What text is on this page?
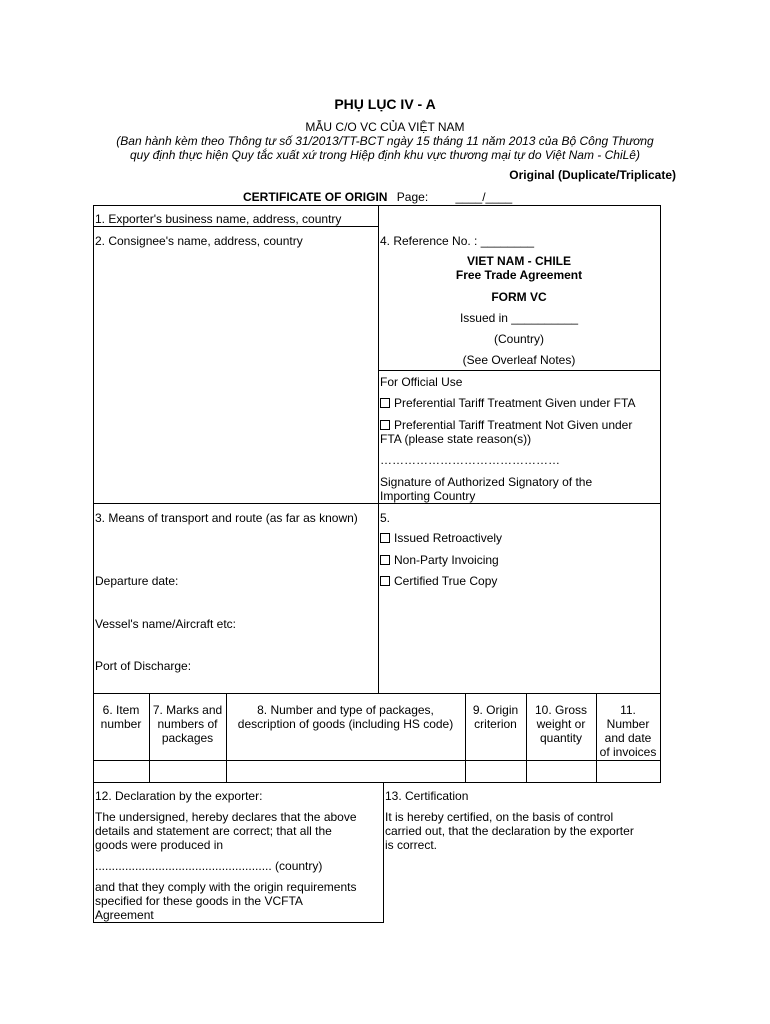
PHỤ LỤC IV - A
MẪU C/O VC CỦA VIỆT NAM
(Ban hành kèm theo Thông tư số 31/2013/TT-BCT ngày 15 tháng 11 năm 2013 của Bộ Công Thương
quy định thực hiện Quy tắc xuất xứ trong Hiệp định khu vực thương mại tự do Việt Nam - ChiLê)
Original (Duplicate/Triplicate)
CERTIFICATE OF ORIGIN Page: ____/____
1. Exporter's business name, address, country
2. Consignee's name, address, country	4. Reference No. : ________
VIET NAM - CHILE
Free Trade Agreement
FORM VC
Issued in __________
(Country)
(See Overleaf Notes)
For Official Use
Preferential Tariff Treatment Given under FTA
Preferential Tariff Treatment Not Given under
FTA (please state reason(s))
………………………………………
Signature of Authorized Signatory of the
Importing Country
3. Means of transport and route (as far as known)
Departure date:
Vessel's name/Aircraft etc:
Port of Discharge:
5.
Issued Retroactively
Non-Party Invoicing
Certified True Copy
6. Item
number
7. Marks and
numbers of
packages
8. Number and type of packages,
description of goods (including HS code)
9. Origin
criterion
10. Gross
weight or
quantity
11.
Number
and date
of invoices
12. Declaration by the exporter:
The undersigned, hereby declares that the above
details and statement are correct; that all the
goods were produced in
..................................................... (country)
and that they comply with the origin requirements
specified for these goods in the VCFTA
Agreement
13. Certification
It is hereby certified, on the basis of control
carried out, that the declaration by the exporter
is correct.
